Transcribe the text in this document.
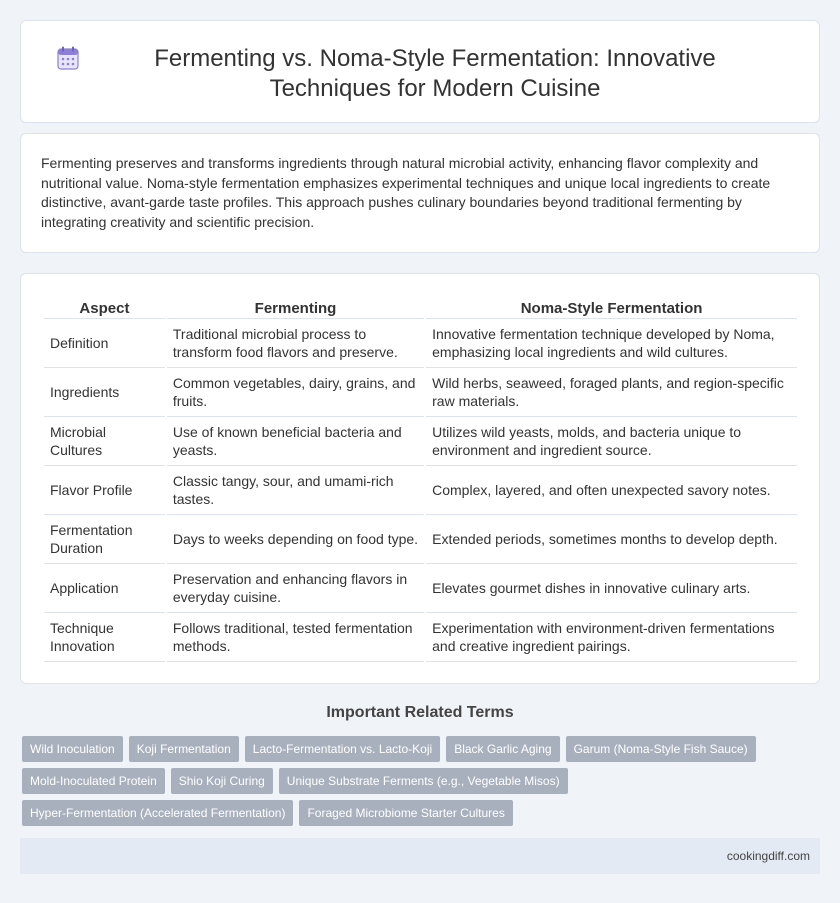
Fermenting vs. Noma-Style Fermentation: Innovative Techniques for Modern Cuisine

Fermenting preserves and transforms ingredients through natural microbial activity, enhancing flavor complexity and nutritional value. Noma-style fermentation emphasizes experimental techniques and unique local ingredients to create distinctive, avant-garde taste profiles. This approach pushes culinary boundaries beyond traditional fermenting by integrating creativity and scientific precision.

Aspect	Fermenting	Noma-Style Fermentation
Definition	Traditional microbial process to transform food flavors and preserve.	Innovative fermentation technique developed by Noma, emphasizing local ingredients and wild cultures.
Ingredients	Common vegetables, dairy, grains, and fruits.	Wild herbs, seaweed, foraged plants, and region-specific raw materials.
Microbial Cultures	Use of known beneficial bacteria and yeasts.	Utilizes wild yeasts, molds, and bacteria unique to environment and ingredient source.
Flavor Profile	Classic tangy, sour, and umami-rich tastes.	Complex, layered, and often unexpected savory notes.
Fermentation Duration	Days to weeks depending on food type.	Extended periods, sometimes months to develop depth.
Application	Preservation and enhancing flavors in everyday cuisine.	Elevates gourmet dishes in innovative culinary arts.
Technique Innovation	Follows traditional, tested fermentation methods.	Experimentation with environment-driven fermentations and creative ingredient pairings.
Important Related Terms
Wild Inoculation	Koji Fermentation	Lacto-Fermentation vs. Lacto-Koji	Black Garlic Aging	Garum (Noma-Style Fish Sauce)
Mold-Inoculated Protein	Shio Koji Curing	Unique Substrate Ferments (e.g., Vegetable Misos)
Hyper-Fermentation (Accelerated Fermentation)	Foraged Microbiome Starter Cultures
cookingdiff.com
